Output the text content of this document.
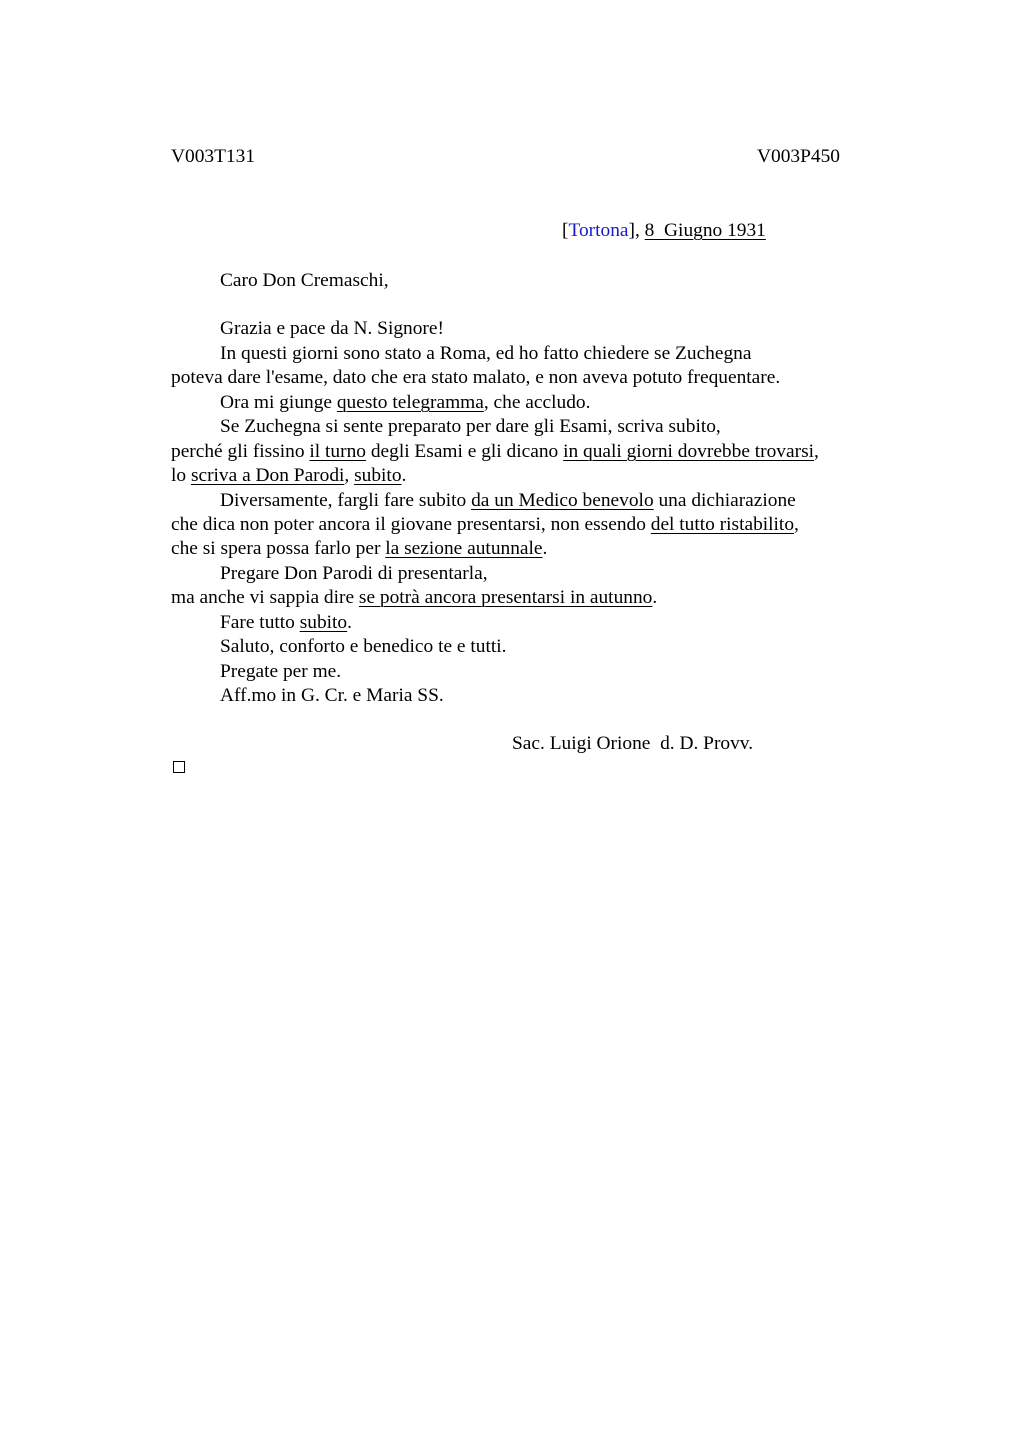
V003T131	V003P450
[Tortona], 8  Giugno 1931
Caro Don Cremaschi,
Grazia e pace da N. Signore!
In questi giorni sono stato a Roma, ed ho fatto chiedere se Zuchegna
poteva dare l'esame, dato che era stato malato, e non aveva potuto frequentare.
Ora mi giunge questo telegramma, che accludo.
Se Zuchegna si sente preparato per dare gli Esami, scriva subito,
perché gli fissino il turno degli Esami e gli dicano in quali giorni dovrebbe trovarsi,
lo scriva a Don Parodi, subito.
Diversamente, fargli fare subito da un Medico benevolo una dichiarazione
che dica non poter ancora il giovane presentarsi, non essendo del tutto ristabilito,
che si spera possa farlo per la sezione autunnale.
Pregare Don Parodi di presentarla,
ma anche vi sappia dire se potrà ancora presentarsi in autunno.
Fare tutto subito.
Saluto, conforto e benedico te e tutti.
Pregate per me.
Aff.mo in G. Cr. e Maria SS.
Sac. Luigi Orione  d. D. Provv.
